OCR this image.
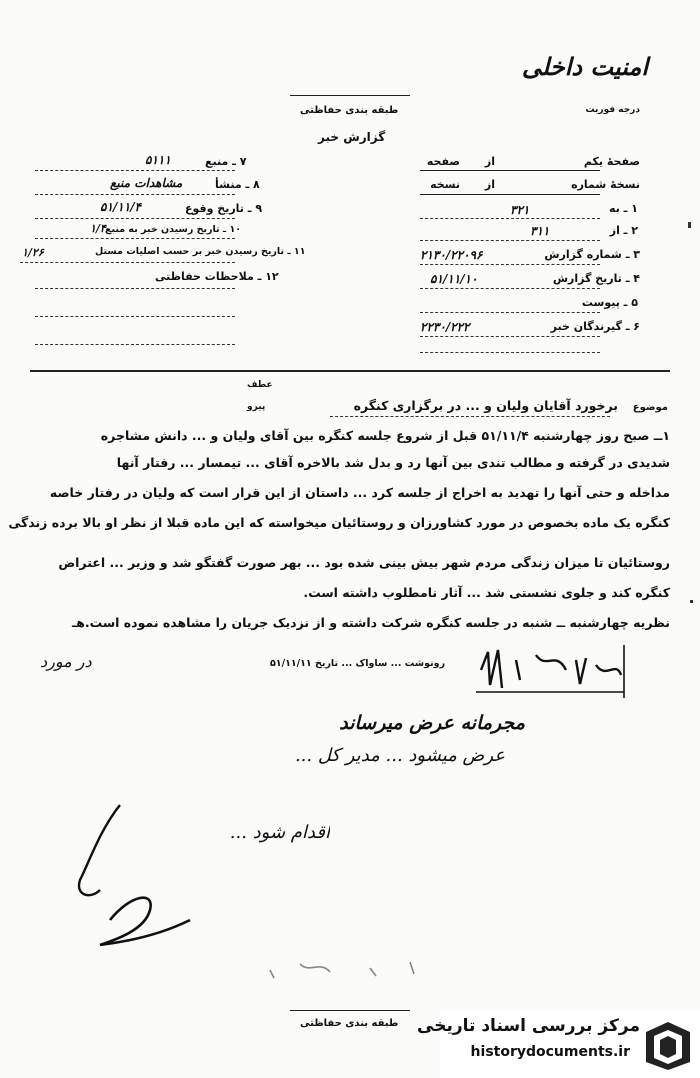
امنیت داخلی
درجه فوریت
طبقه بندی حفاظتی
گزارش خبر
۷ ـ منبع
۵۱۱۱
۸ ـ منشأ
مشاهدات منبع
۹ ـ تاریخ وقوع
۵۱/۱۱/۴
۱۰ ـ تاریخ رسیدن خبر به منبع
۱/۴
۱۱ ـ تاریخ رسیدن خبر بر حسب اصلیات مستل
۱/۲۶
۱۲ ـ ملاحظات حفاظتی
صفحهٔ یکم
از
صفحه
نسخهٔ شماره
از
نسخه
۱ ـ به
۳۲۱
۲ ـ از
۳۱۱
۳ ـ شماره گزارش
۲۱۳۰/۲۲۰۹۶
۴ ـ تاریخ گزارش
۵۱/۱۱/۱۰
۵ ـ پیوست
۶ ـ گیرندگان خبر
۲۲۳۰/۲۲۲
موضوع
برخورد آقایان ولیان و ... در برگزاری کنگره
عطف
پیرو
۱ــ صبح روز چهارشنبه ۵۱/۱۱/۴ قبل از شروع جلسه کنگره بین آقای ولیان و ... دانش مشاجره
شدیدی در گرفته و مطالب تندی بین آنها رد و بدل شد بالاخره آقای ... تیمسار ... رفتار آنها
مداخله و حتی آنها را تهدید به اخراج از جلسه کرد ... داستان از این قرار است که ولیان در رفتار خاصه
کنگره یک ماده بخصوص در مورد کشاورزان و روستائیان میخواسته که این ماده قبلا از نظر او بالا برده زندگی
روستائیان تا میزان زندگی مردم شهر بیش بینی شده بود ... بهر صورت گفتگو شد و وزیر ... اعتراض
کنگره کند و جلوی نشستی شد ... آثار نامطلوب داشته است.
نظریه چهارشنبه ــ شنبه در جلسه کنگره شرکت داشته و از نزدیک جریان را مشاهده نموده است.هـ
در مورد	رونوشت ... ساواک ... تاریخ ۵۱/۱۱/۱۱
مجرمانه عرض میرساند
عرض میشود ... مدیر کل ...
اقدام شود ...
طبقه بندی حفاظتی مرکز بررسی اسناد تاریخی
historydocuments.ir
